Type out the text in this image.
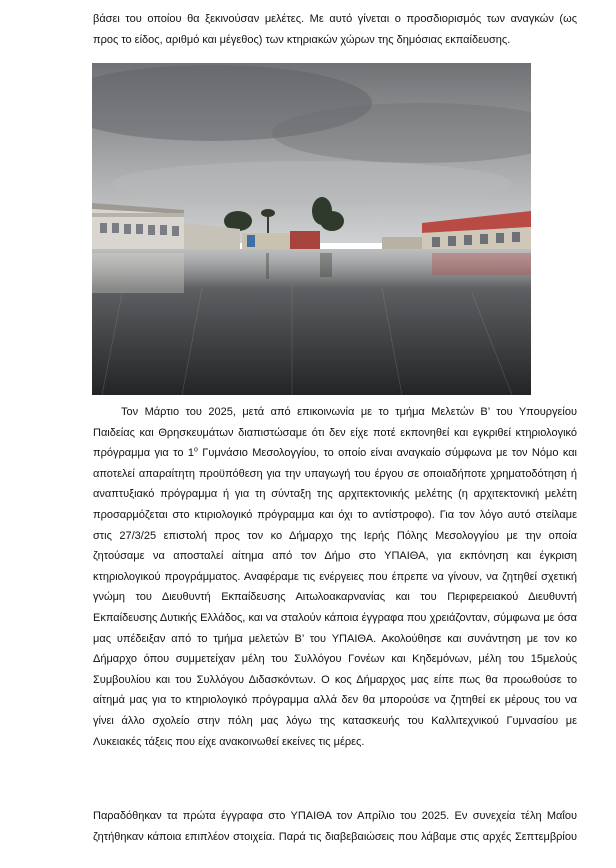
βάσει του οποίου θα ξεκινούσαν μελέτες. Με αυτό γίνεται ο προσδιορισμός των αναγκών (ως
προς το είδος, αριθμό και μέγεθος) των κτηριακών χώρων της δημόσιας εκπαίδευσης.

Τον Μάρτιο του 2025, μετά από επικοινωνία με το τμήμα Μελετών Β’ του Υπουργείου
Παιδείας και Θρησκευμάτων διαπιστώσαμε ότι δεν είχε ποτέ εκπονηθεί και εγκριθεί κτηριολογικό
πρόγραμμα για το $1^o$ Γυμνάσιο Μεσολογγίου, το οποίο είναι αναγκαίο σύμφωνα με τον Νόμο και
αποτελεί απαραίτητη προϋπόθεση για την υπαγωγή του έργου σε οποιαδήποτε χρηματοδότηση ή
αναπτυξιακό πρόγραμμα ή για τη σύνταξη της αρχιτεκτονικής μελέτης (η αρχιτεκτονική μελέτη
προσαρμόζεται στο κτιριολογικό πρόγραμμα και όχι το αντίστροφο). Για τον λόγο αυτό στείλαμε
στις 27/3/25 επιστολή προς τον κο Δήμαρχο της Ιερής Πόλης Μεσολογγίου με την οποία
ζητούσαμε να αποσταλεί αίτημα από τον Δήμο στο ΥΠΑΙΘΑ, για εκπόνηση και έγκριση
κτηριολογικού προγράμματος. Αναφέραμε τις ενέργειες που έπρεπε να γίνουν, να ζητηθεί σχετική
γνώμη του Διευθυντή Εκπαίδευσης Αιτωλοακαρνανίας και του Περιφερειακού Διευθυντή
Εκπαίδευσης Δυτικής Ελλάδος, και να σταλούν κάποια έγγραφα που χρειάζονταν, σύμφωνα με όσα
μας υπέδειξαν από το τμήμα μελετών Β’ του ΥΠΑΙΘΑ. Ακολούθησε και συνάντηση με τον κο
Δήμαρχο όπου συμμετείχαν μέλη του Συλλόγου Γονέων και Κηδεμόνων, μέλη του 15μελούς
Συμβουλίου και του Συλλόγου Διδασκόντων. Ο κος Δήμαρχος μας είπε πως θα προωθούσε το
αίτημά μας για το κτηριολογικό πρόγραμμα αλλά δεν θα μπορούσε να ζητηθεί εκ μέρους του να
γίνει άλλο σχολείο στην πόλη μας λόγω της κατασκευής του Καλλιτεχνικού Γυμνασίου με
Λυκειακές τάξεις που είχε ανακοινωθεί εκείνες τις μέρες.

Παραδόθηκαν τα πρώτα έγγραφα στο ΥΠΑΙΘΑ τον Απρίλιο του 2025. Εν συνεχεία τέλη Μαΐου
ζητήθηκαν κάποια επιπλέον στοιχεία. Παρά τις διαβεβαιώσεις που λάβαμε στις αρχές Σεπτεμβρίου
